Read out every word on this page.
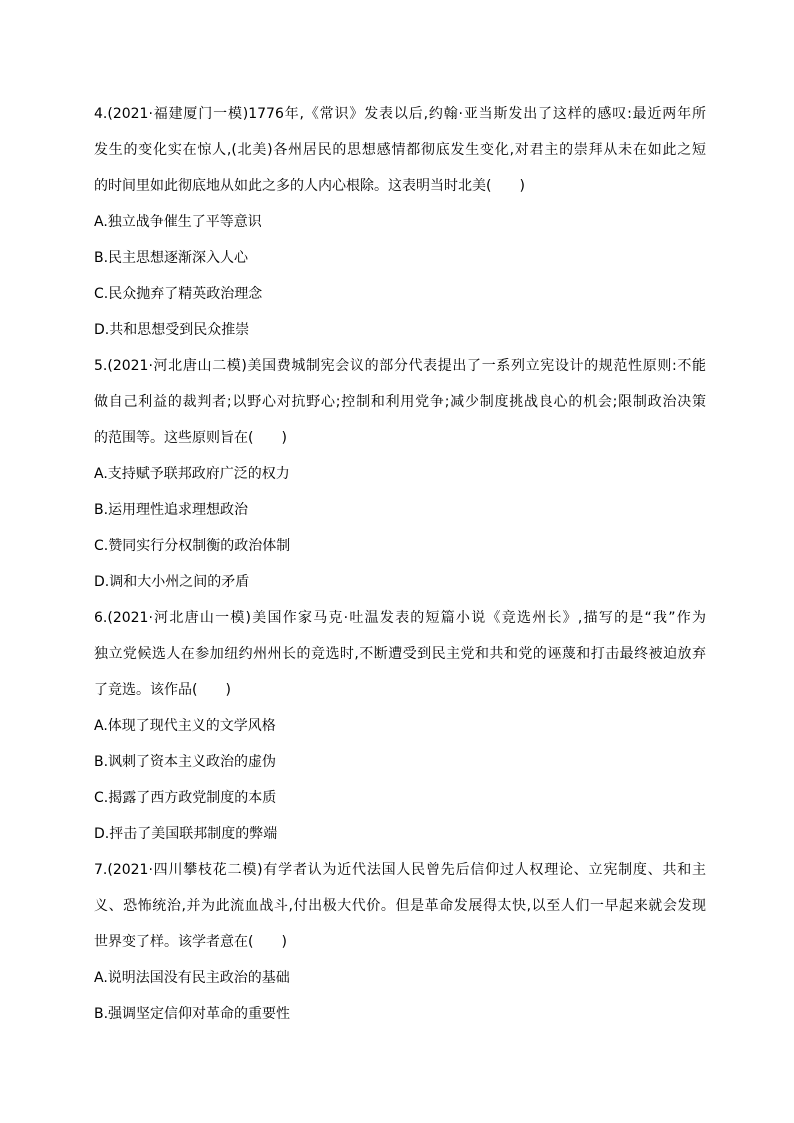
4.(2021·福建厦门一模)1776年,《常识》发表以后,约翰·亚当斯发出了这样的感叹:最近两年所
发生的变化实在惊人,(北美)各州居民的思想感情都彻底发生变化,对君主的崇拜从未在如此之短
的时间里如此彻底地从如此之多的人内心根除。这表明当时北美(　　)
A.独立战争催生了平等意识
B.民主思想逐渐深入人心
C.民众抛弃了精英政治理念
D.共和思想受到民众推崇
5.(2021·河北唐山二模)美国费城制宪会议的部分代表提出了一系列立宪设计的规范性原则:不能
做自己利益的裁判者;以野心对抗野心;控制和利用党争;减少制度挑战良心的机会;限制政治决策
的范围等。这些原则旨在(　　)
A.支持赋予联邦政府广泛的权力
B.运用理性追求理想政治
C.赞同实行分权制衡的政治体制
D.调和大小州之间的矛盾
6.(2021·河北唐山一模)美国作家马克·吐温发表的短篇小说《竞选州长》,描写的是“我”作为
独立党候选人在参加纽约州州长的竞选时,不断遭受到民主党和共和党的诬蔑和打击最终被迫放弃
了竞选。该作品(　　)
A.体现了现代主义的文学风格
B.讽刺了资本主义政治的虚伪
C.揭露了西方政党制度的本质
D.抨击了美国联邦制度的弊端
7.(2021·四川攀枝花二模)有学者认为近代法国人民曾先后信仰过人权理论、立宪制度、共和主
义、恐怖统治,并为此流血战斗,付出极大代价。但是革命发展得太快,以至人们一早起来就会发现
世界变了样。该学者意在(　　)
A.说明法国没有民主政治的基础
B.强调坚定信仰对革命的重要性
